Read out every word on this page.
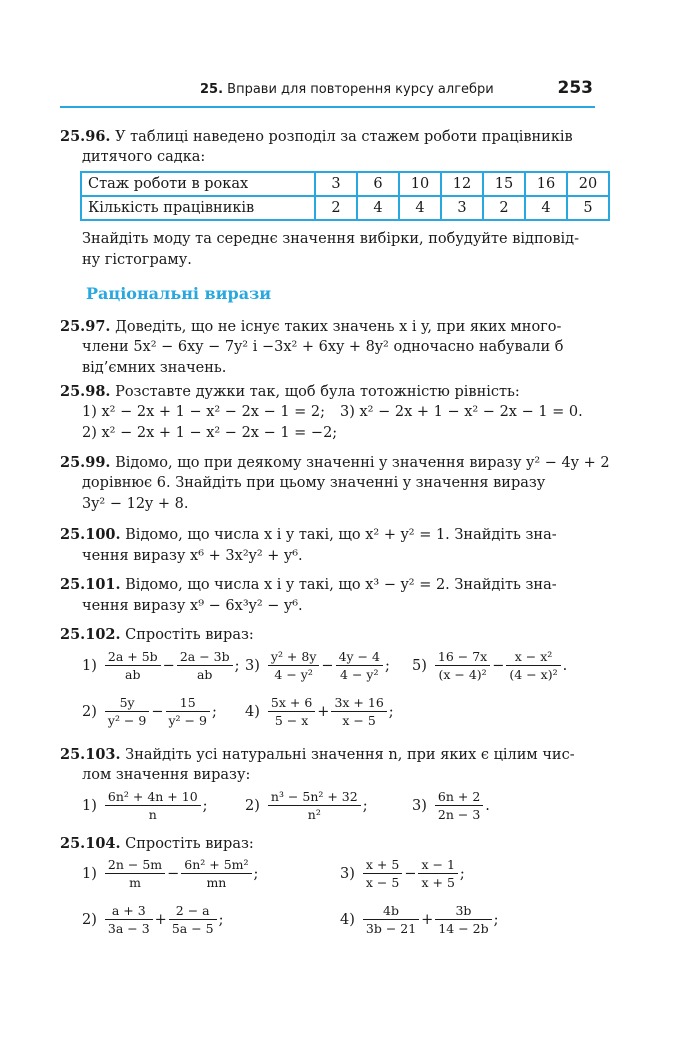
25. Вправи для повторення курсу алгебри	253
25.96. У таблиці наведено розподіл за стажем роботи працівників
дитячого садка:
Стаж роботи в роках	3	6	10	12	15	16	20
Кількість працівників	2	4	4	3	2	4	5
Знайдіть моду та середнє значення вибірки, побудуйте відповід-
ну гістограму.
Раціональні вирази
25.97. Доведіть, що не існує таких значень x і y, при яких много-
члени 5x² − 6xy − 7y² і −3x² + 6xy + 8y² одночасно набували б
від’ємних значень.
25.98. Розставте дужки так, щоб була тотожністю рівність:
1) x² − 2x + 1 − x² − 2x − 1 = 2; 3) x² − 2x + 1 − x² − 2x − 1 = 0.
2) x² − 2x + 1 − x² − 2x − 1 = −2;
25.99. Відомо, що при деякому значенні y значення виразу y² − 4y + 2
дорівнює 6. Знайдіть при цьому значенні y значення виразу
3y² − 12y + 8.
25.100. Відомо, що числа x і y такі, що x² + y² = 1. Знайдіть зна-
чення виразу x⁶ + 3x²y² + y⁶.
25.101. Відомо, що числа x і y такі, що x³ − y² = 2. Знайдіть зна-
чення виразу x⁹ − 6x³y² − y⁶.
25.102. Спростіть вираз:
$1) \frac{2a + 5b}{ab} - \frac{2a - 3b}{ab}$ ; $3) \frac{\text{y² + 8y}}{\text{4 − y²}} - \frac{4y - 4}{\text{4 − y²}}$ ; $5) \frac{16 - 7x}{\text{(x − 4)²}} - \frac{\text{x − x²}}{\text{(4 − x)²}}$ .
$2) \frac{5y}{\text{y² − 9}} - \frac{15}{\text{y² − 9}}$ ; $4) \frac{5x + 6}{5 - x} + \frac{3x + 16}{x - 5}$ ;
25.103. Знайдіть усі натуральні значення n, при яких є цілим чис-
лом значення виразу:
$1) \frac{\text{6n² + 4n + 10}}{n}$ ;	$2) \frac{\text{n³ − 5n² + 32}}{\text{n²}}$ ;	$3) \frac{6n + 2}{2n - 3}$ .
25.104. Спростіть вираз:
$1) \frac{2n - 5m}{m} - \frac{\text{6n² + 5m²}}{mn}$ ;	$3) \frac{x + 5}{x - 5} - \frac{x - 1}{x + 5}$ ;
$2) \frac{a + 3}{3a - 3} + \frac{2 - a}{5a - 5}$ ;	$4) \frac{4b}{3b - 21} + \frac{3b}{14 - 2b}$ ;
